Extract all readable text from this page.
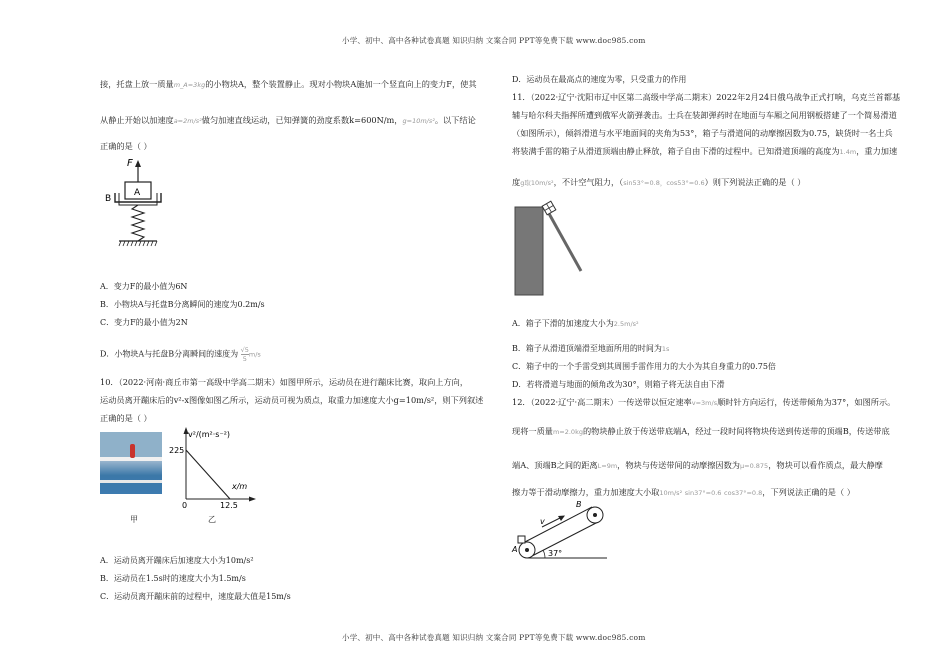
小学、初中、高中各种试卷真题 知识归纳 文案合同 PPT等免费下载 www.doc985.com
小学、初中、高中各种试卷真题 知识归纳 文案合同 PPT等免费下载 www.doc985.com
接，托盘上放一质量m_A=3kg的小物块A，整个装置静止。现对小物块A施加一个竖直向上的变力F，使其
从静止开始以加速度a=2m/s²做匀加速直线运动，已知弹簧的劲度系数k=600N/m，g=10m/s²。以下结论
正确的是（ ）
F
A
B
A．变力F的最小值为6N
B．小物块A与托盘B分离瞬间的速度为0.2m/s
C．变力F的最小值为2N
D．小物块A与托盘B分离瞬间的速度为 $\frac{√5}{5} m/s$
10．（2022·河南·商丘市第一高级中学高二期末）如图甲所示，运动员在进行蹦床比赛，取向上方向，
运动员离开蹦床后的v²-x图像如图乙所示，运动员可视为质点，取重力加速度大小g=10m/s²，则下列叙述
正确的是（ ）
v²/(m²·s⁻²)
x/m
225
12.5
0
甲	乙
A．运动员离开蹦床后加速度大小为10m/s²
B．运动员在1.5s时的速度大小为1.5m/s
C．运动员离开蹦床前的过程中，速度最大值是15m/s
D．运动员在最高点的速度为零，只受重力的作用
11．（2022·辽宁·沈阳市辽中区第二高级中学高二期末）2022年2月24日俄乌战争正式打响，乌克兰首都基
辅与哈尔科夫指挥所遭到俄军火箭弹袭击。士兵在装卸弹药时在地面与车厢之间用钢板搭建了一个简易滑道
（如图所示），倾斜滑道与水平地面间的夹角为53°，箱子与滑道间的动摩擦因数为0.75，缺货时一名士兵
将装满手雷的箱子从滑道顶端由静止释放，箱子自由下滑的过程中。已知滑道顶端的高度为1.4m，重力加速
度g取10m/s²，不计空气阻力，（sin53°=0.8，cos53°=0.6）则下列说法正确的是（ ）
A．箱子下滑的加速度大小为2.5m/s²
B．箱子从滑道顶端滑至地面所用的时间为1s
C．箱子中的一个手雷受到其周围手雷作用力的大小为其自身重力的0.75倍
D．若将滑道与地面的倾角改为30°，则箱子将无法自由下滑
12．（2022·辽宁·高二期末）一传送带以恒定速率v=3m/s顺时针方向运行，传送带倾角为37°，如图所示。
现将一质量m=2.0kg的物块静止放于传送带底端A，经过一段时间将物块传送到传送带的顶端B，传送带底
端A、顶端B之间的距离L=9m，物块与传送带间的动摩擦因数为μ=0.875，物块可以看作质点，最大静摩
擦力等于滑动摩擦力，重力加速度大小取10m/s² sin37°=0.6 cos37°=0.8，下列说法正确的是（ ）
A
B
v
37°
